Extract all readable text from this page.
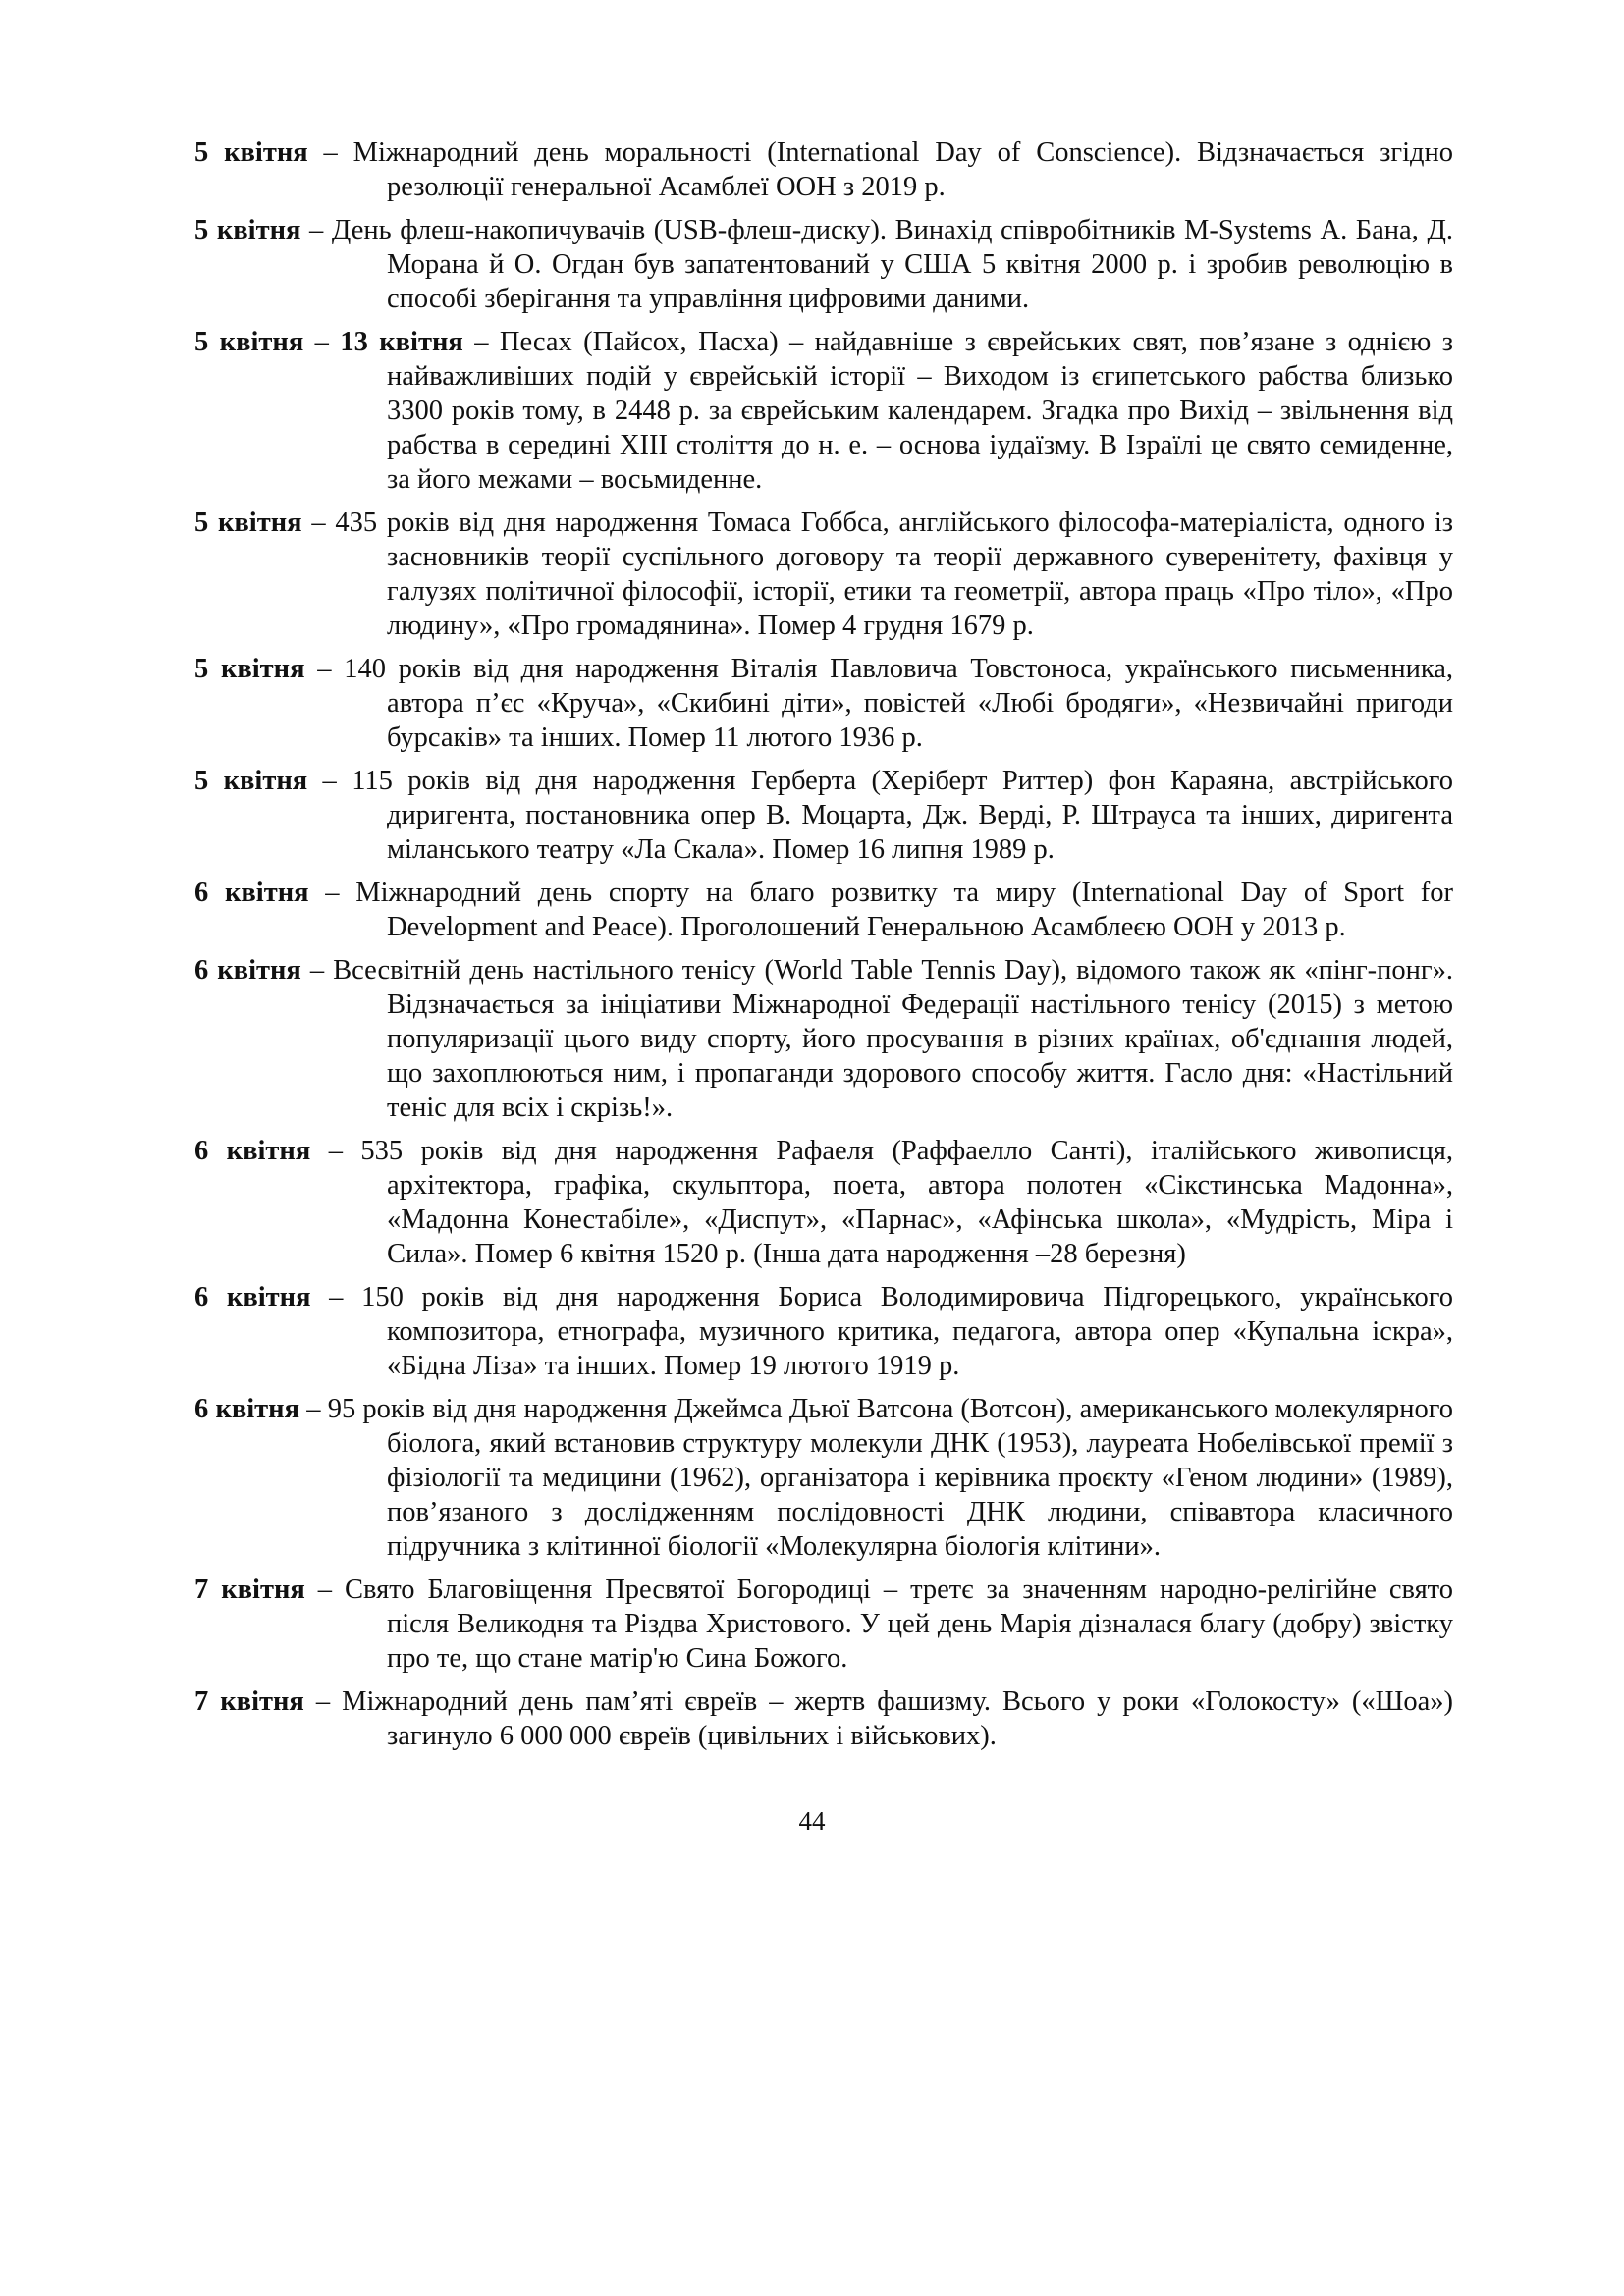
5 квітня – Міжнародний день моральності (International Day of Conscience). Відзначається згідно резолюції генеральної Асамблеї ООН з 2019 р.

5 квітня – День флеш-накопичувачів (USB-флеш-диску). Винахід співробітників M-Systems А. Бана, Д. Морана й О. Огдан був запатентований у США 5 квітня 2000 р. і зробив революцію в способі зберігання та управління цифровими даними.

5 квітня – 13 квітня – Песах (Пайсох, Пасха) – найдавніше з єврейських свят, пов’язане з однією з найважливіших подій у єврейській історії – Виходом із єгипетського рабства близько 3300 років тому, в 2448 р. за єврейським календарем. Згадка про Вихід – звільнення від рабства в середині XIII століття до н. е. – основа іудаїзму. В Ізраїлі це свято семиденне, за його межами – восьмиденне.

5 квітня – 435 років від дня народження Томаса Гоббса, англійського філософа-матеріаліста, одного із засновників теорії суспільного договору та теорії державного суверенітету, фахівця у галузях політичної філософії, історії, етики та геометрії, автора праць «Про тіло», «Про людину», «Про громадянина». Помер 4 грудня 1679 р.

5 квітня – 140 років від дня народження Віталія Павловича Товстоноса, українського письменника, автора п’єс «Круча», «Скибині діти», повістей «Любі бродяги», «Незвичайні пригоди бурсаків» та інших. Помер 11 лютого 1936 р.

5 квітня – 115 років від дня народження Герберта (Херіберт Риттер) фон Караяна, австрійського диригента, постановника опер В. Моцарта, Дж. Верді, Р. Штрауса та інших, диригента міланського театру «Ла Скала». Помер 16 липня 1989 р.

6 квітня – Міжнародний день спорту на благо розвитку та миру (International Day of Sport for Development and Peace). Проголошений Генеральною Асамблеєю ООН у 2013 р.

6 квітня – Всесвітній день настільного тенісу (World Table Tennis Day), відомого також як «пінг-понг». Відзначається за ініціативи Міжнародної Федерації настільного тенісу (2015) з метою популяризації цього виду спорту, його просування в різних країнах, об'єднання людей, що захоплюються ним, і пропаганди здорового способу життя. Гасло дня: «Настільний теніс для всіх і скрізь!».

6 квітня – 535 років від дня народження Рафаеля (Раффаелло Санті), італійського живописця, архітектора, графіка, скульптора, поета, автора полотен «Сікстинська Мадонна», «Мадонна Конестабіле», «Диспут», «Парнас», «Афінська школа», «Мудрість, Міра і Сила». Помер 6 квітня 1520 р. (Інша дата народження –28 березня)

6 квітня – 150 років від дня народження Бориса Володимировича Підгорецького, українського композитора, етнографа, музичного критика, педагога, автора опер «Купальна іскра», «Бідна Ліза» та інших. Помер 19 лютого 1919 р.

6 квітня – 95 років від дня народження Джеймса Дьюї Ватсона (Вотсон), американського молекулярного біолога, який встановив структуру молекули ДНК (1953), лауреата Нобелівської премії з фізіології та медицини (1962), організатора і керівника проєкту «Геном людини» (1989), пов’язаного з дослідженням послідовності ДНК людини, співавтора класичного підручника з клітинної біології «Молекулярна біологія клітини».

7 квітня – Свято Благовіщення Пресвятої Богородиці – третє за значенням народно-релігійне свято після Великодня та Різдва Христового. У цей день Марія дізналася благу (добру) звістку про те, що стане матір'ю Сина Божого.

7 квітня – Міжнародний день пам’яті євреїв – жертв фашизму. Всього у роки «Голокосту» («Шоа») загинуло 6 000 000 євреїв (цивільних і військових).

44
